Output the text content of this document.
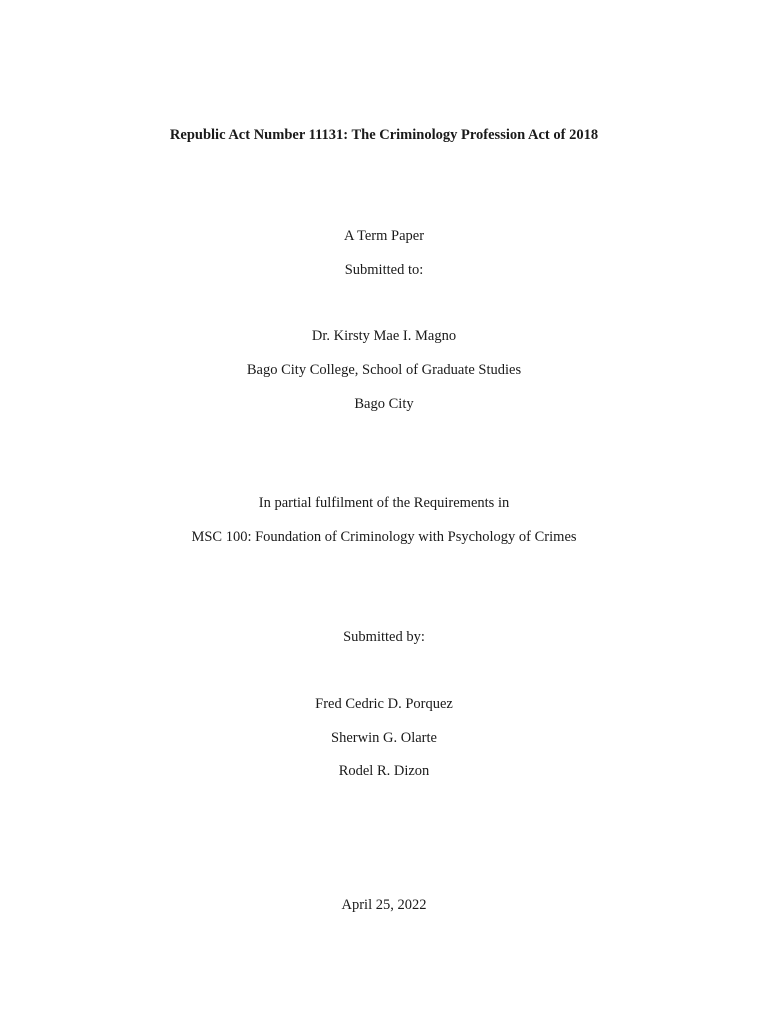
Republic Act Number 11131: The Criminology Profession Act of 2018
A Term Paper
Submitted to:
Dr. Kirsty Mae I. Magno
Bago City College, School of Graduate Studies
Bago City
In partial fulfilment of the Requirements in
MSC 100: Foundation of Criminology with Psychology of Crimes
Submitted by:
Fred Cedric D. Porquez
Sherwin G. Olarte
Rodel R. Dizon
April 25, 2022
